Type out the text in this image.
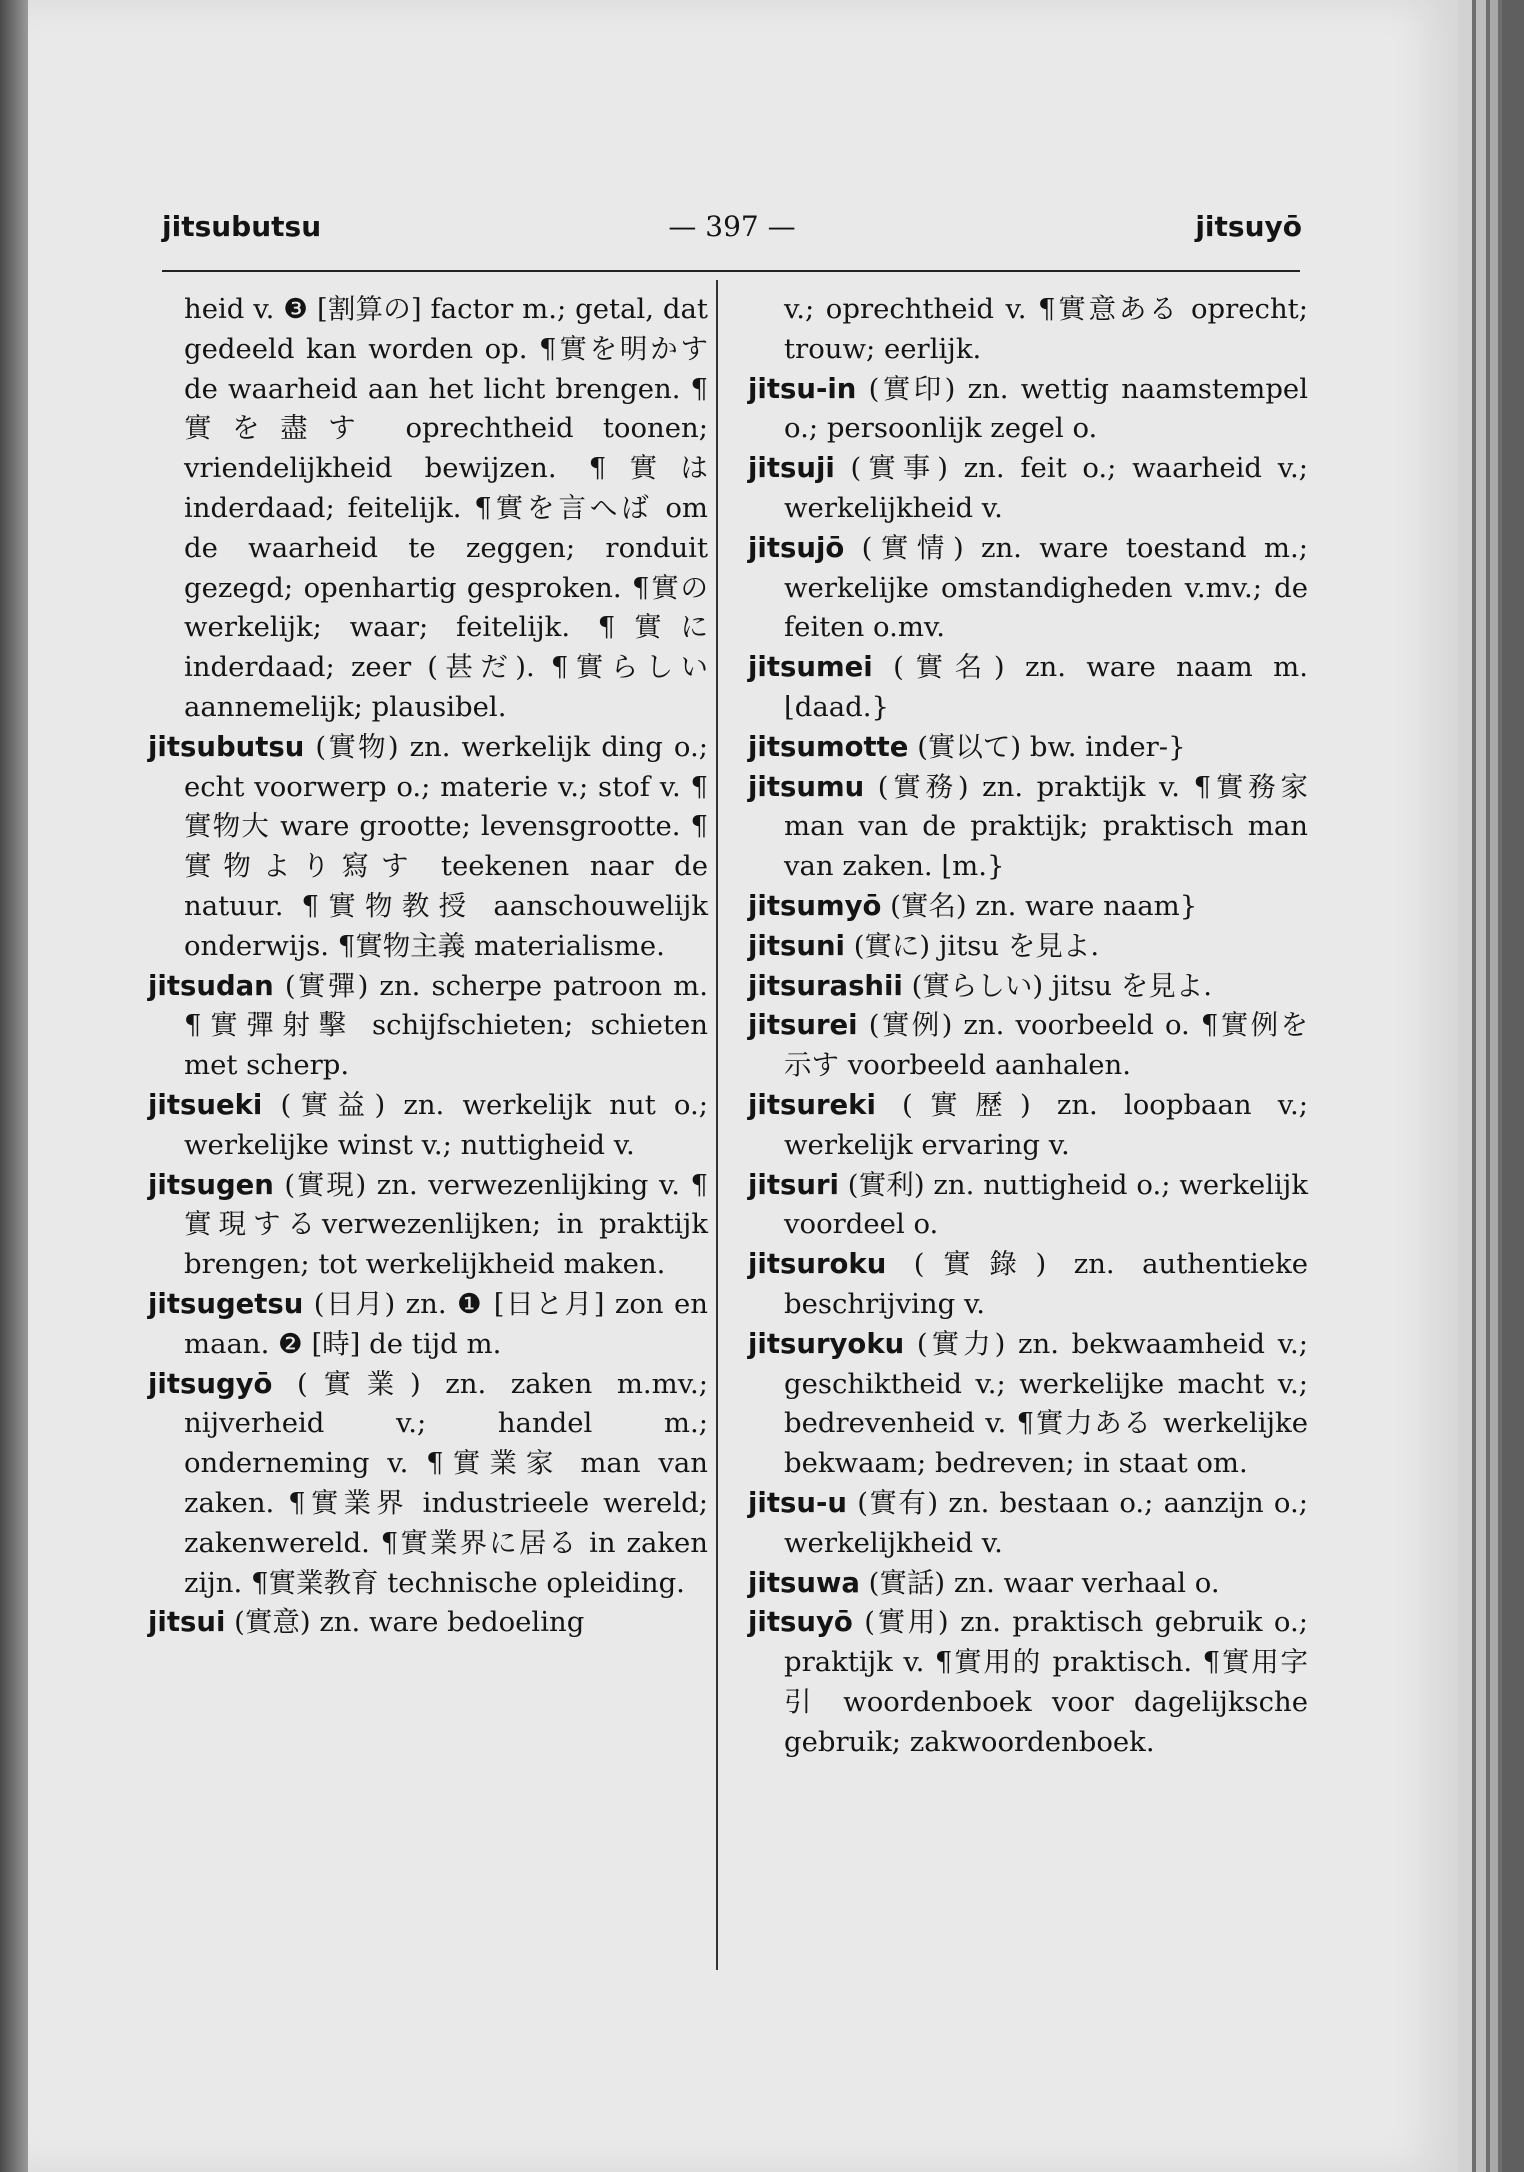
jitsubutsu	— 397 —	jitsuyō

heid v. ❸ [割算の] factor m.; getal, dat gedeeld kan worden op. ¶實を明かす de waarheid aan het licht brengen. ¶實を盡す oprechtheid toonen; vriendelijkheid bewijzen. ¶實は inderdaad; feitelijk. ¶實を言へば om de waarheid te zeggen; ronduit gezegd; openhartig gesproken. ¶實の werkelijk; waar; feitelijk. ¶實に inderdaad; zeer (甚だ). ¶實らしい aannemelijk; plausibel.

jitsubutsu (實物) zn. werkelijk ding o.; echt voorwerp o.; materie v.; stof v. ¶實物大 ware grootte; levensgrootte. ¶實物より寫す teekenen naar de natuur. ¶實物教授 aanschouwelijk onderwijs. ¶實物主義 materialisme.

jitsudan (實彈) zn. scherpe patroon m. ¶實彈射擊 schijfschieten; schieten met scherp.

jitsueki (實益) zn. werkelijk nut o.; werkelijke winst v.; nuttigheid v.

jitsugen (實現) zn. verwezenlijking v. ¶實現するverwezenlijken; in praktijk brengen; tot werkelijkheid maken.

jitsugetsu (日月) zn. ❶ [日と月] zon en maan. ❷ [時] de tijd m.

jitsugyō (實業) zn. zaken m.mv.; nijverheid v.; handel m.; onderneming v. ¶實業家 man van zaken. ¶實業界 industrieele wereld; zakenwereld. ¶實業界に居る in zaken zijn. ¶實業教育 technische opleiding.

jitsui (實意) zn. ware bedoeling

v.; oprechtheid v. ¶實意ある oprecht; trouw; eerlijk.

jitsu-in (實印) zn. wettig naamstempel o.; persoonlijk zegel o.

jitsuji (實事) zn. feit o.; waarheid v.; werkelijkheid v.

jitsujō (實情) zn. ware toestand m.; werkelijke omstandigheden v.mv.; de feiten o.mv.

jitsumei (實名) zn. ware naam m. ⌊daad.}

jitsumotte (實以て) bw. inder-}

jitsumu (實務) zn. praktijk v. ¶實務家 man van de praktijk; praktisch man van zaken. ⌊m.}

jitsumyō (實名) zn. ware naam}

jitsuni (實に) jitsu を見よ.

jitsurashii (實らしい) jitsu を見よ.

jitsurei (實例) zn. voorbeeld o. ¶實例を示す voorbeeld aanhalen.

jitsureki (實歷) zn. loopbaan v.; werkelijk ervaring v.

jitsuri (實利) zn. nuttigheid o.; werkelijk voordeel o.

jitsuroku (實錄) zn. authentieke beschrijving v.

jitsuryoku (實力) zn. bekwaamheid v.; geschiktheid v.; werkelijke macht v.; bedrevenheid v. ¶實力ある werkelijke bekwaam; bedreven; in staat om.

jitsu-u (實有) zn. bestaan o.; aanzijn o.; werkelijkheid v.

jitsuwa (實話) zn. waar verhaal o.

jitsuyō (實用) zn. praktisch gebruik o.; praktijk v. ¶實用的 praktisch. ¶實用字引 woordenboek voor dagelijksche gebruik; zakwoordenboek.
